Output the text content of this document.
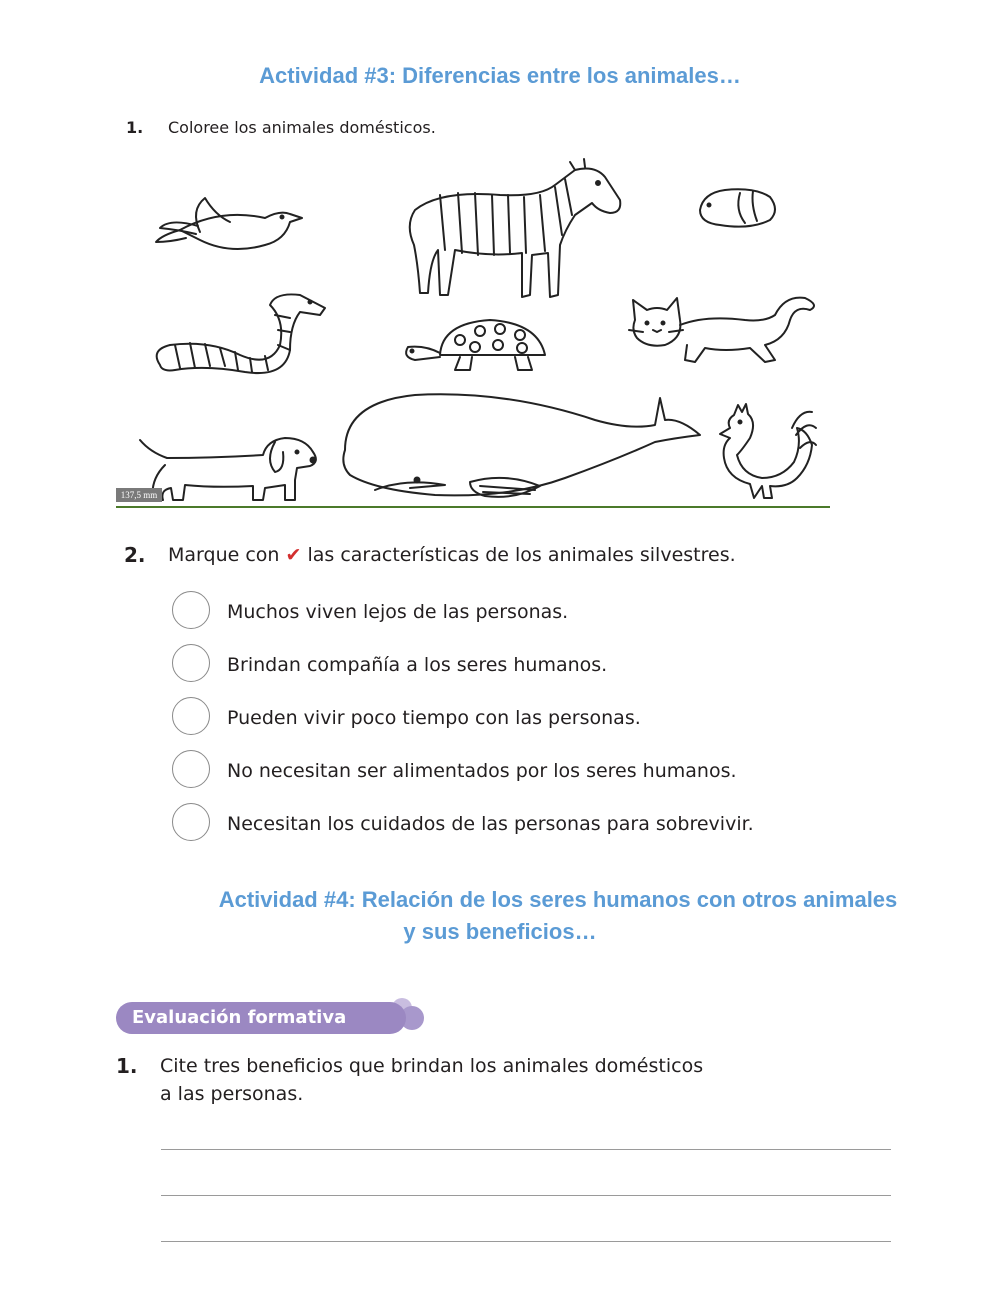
Actividad #3: Diferencias entre los animales…
1. Coloree los animales domésticos.
137,5 mm
2. Marque con ✔ las características de los animales silvestres.
Muchos viven lejos de las personas.
Brindan compañía a los seres humanos.
Pueden vivir poco tiempo con las personas.
No necesitan ser alimentados por los seres humanos.
Necesitan los cuidados de las personas para sobrevivir.
Actividad #4: Relación de los seres humanos con otros animales
y sus beneficios…
Evaluación formativa
1. Cite tres beneficios que brindan los animales domésticos
a las personas.
